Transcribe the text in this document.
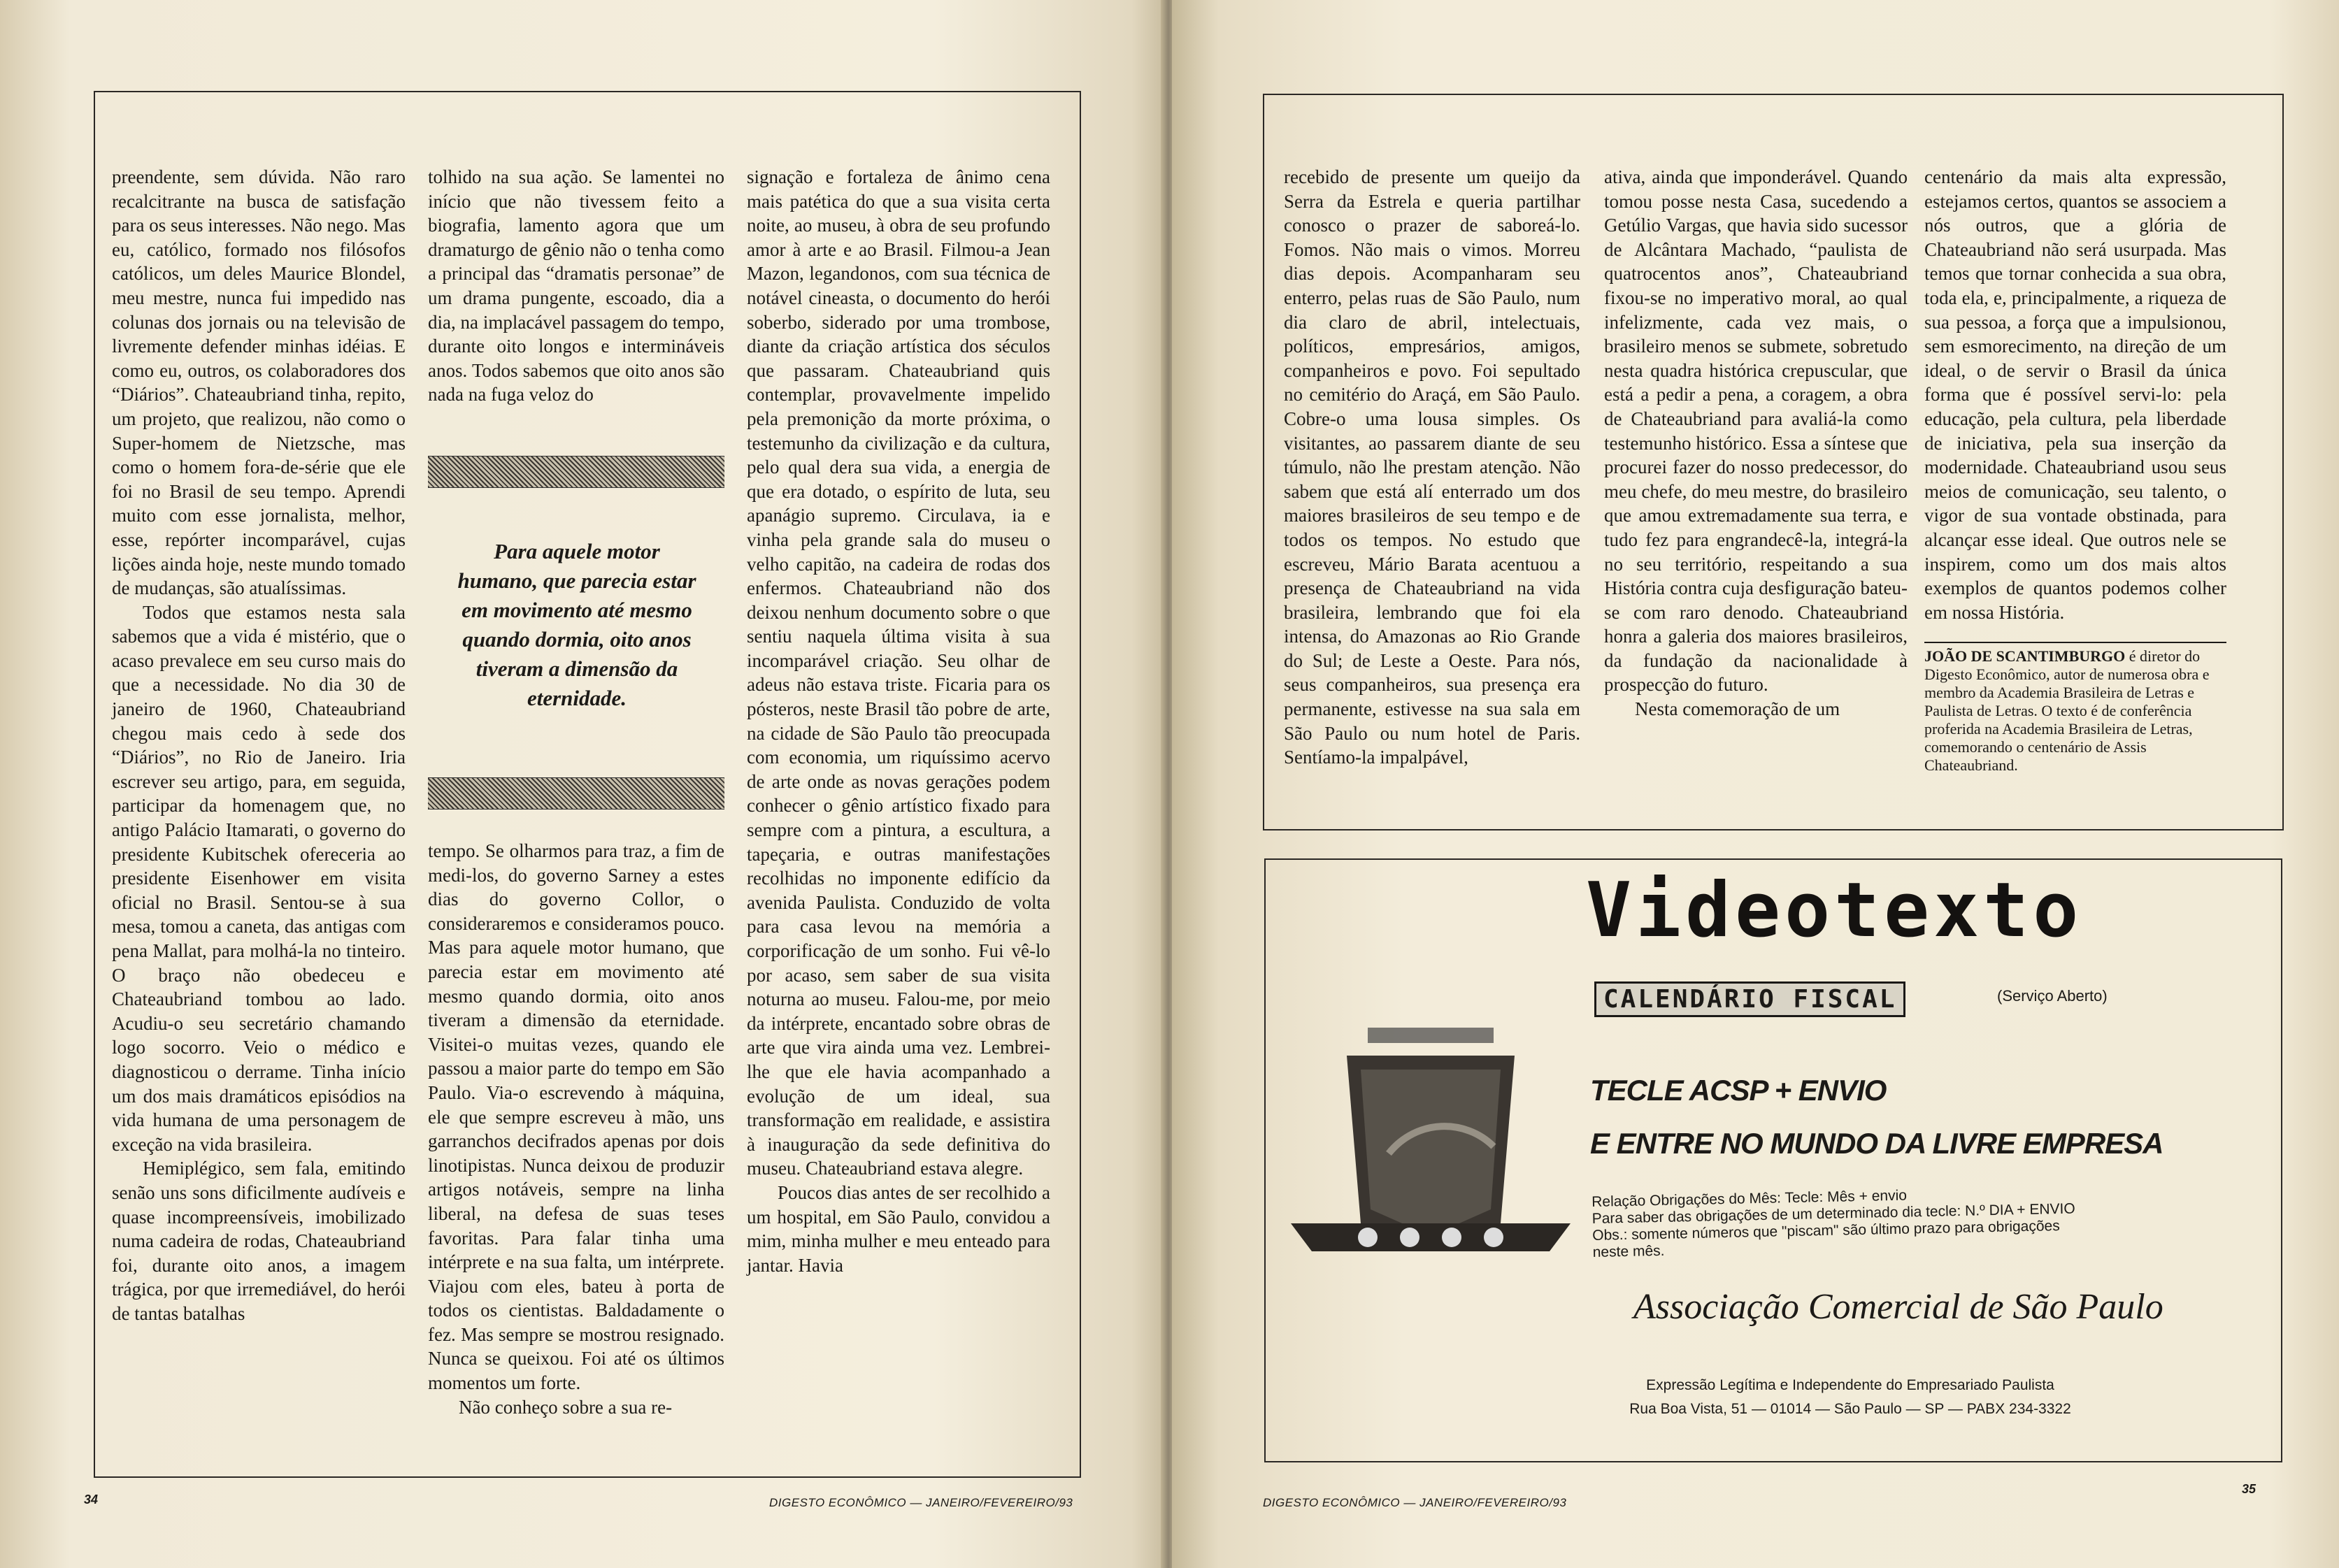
preendente, sem dúvida. Não raro recalcitrante na busca de satisfação para os seus interesses. Não nego. Mas eu, católico, formado nos filósofos católicos, um deles Maurice Blondel, meu mestre, nunca fui impedido nas colunas dos jornais ou na televisão de livremente defender minhas idéias. E como eu, outros, os colaboradores dos “Diários”. Chateaubriand tinha, repito, um projeto, que realizou, não como o Super-homem de Nietzsche, mas como o homem fora-de-série que ele foi no Brasil de seu tempo. Aprendi muito com esse jornalista, melhor, esse, repórter incomparável, cujas lições ainda hoje, neste mundo tomado de mudanças, são atualíssimas.

Todos que estamos nesta sala sabemos que a vida é mistério, que o acaso prevalece em seu curso mais do que a necessidade. No dia 30 de janeiro de 1960, Chateaubriand chegou mais cedo à sede dos “Diários”, no Rio de Janeiro. Iria escrever seu artigo, para, em seguida, participar da homenagem que, no antigo Palácio Itamarati, o governo do presidente Kubitschek ofereceria ao presidente Eisenhower em visita oficial no Brasil. Sentou-se à sua mesa, tomou a caneta, das antigas com pena Mallat, para molhá-la no tinteiro. O braço não obedeceu e Chateaubriand tombou ao lado. Acudiu-o seu secretário chamando logo socorro. Veio o médico e diagnosticou o derrame. Tinha início um dos mais dramáticos episódios na vida humana de uma personagem de exceção na vida brasileira.

Hemiplégico, sem fala, emitindo senão uns sons dificilmente audíveis e quase incompreensíveis, imobilizado numa cadeira de rodas, Chateaubriand foi, durante oito anos, a imagem trágica, por que irremediável, do herói de tantas batalhas

tolhido na sua ação. Se lamentei no início que não tivessem feito a biografia, lamento agora que um dramaturgo de gênio não o tenha como a principal das “dramatis personae” de um drama pungente, escoado, dia a dia, na implacável passagem do tempo, durante oito longos e intermináveis anos. Todos sabemos que oito anos são nada na fuga veloz do

Para aquele motor humano, que parecia estar em movimento até mesmo quando dormia, oito anos tiveram a dimensão da eternidade.

tempo. Se olharmos para traz, a fim de medi-los, do governo Sarney a estes dias do governo Collor, o consideraremos e consideramos pouco. Mas para aquele motor humano, que parecia estar em movimento até mesmo quando dormia, oito anos tiveram a dimensão da eternidade. Visitei-o muitas vezes, quando ele passou a maior parte do tempo em São Paulo. Via-o escrevendo à máquina, ele que sempre escreveu à mão, uns garranchos decifrados apenas por dois linotipistas. Nunca deixou de produzir artigos notáveis, sempre na linha liberal, na defesa de suas teses favoritas. Para falar tinha uma intérprete e na sua falta, um intérprete. Viajou com eles, bateu à porta de todos os cientistas. Baldadamente o fez. Mas sempre se mostrou resignado. Nunca se queixou. Foi até os últimos momentos um forte.

Não conheço sobre a sua re-

signação e fortaleza de ânimo cena mais patética do que a sua visita certa noite, ao museu, à obra de seu profundo amor à arte e ao Brasil. Filmou-a Jean Mazon, legandonos, com sua técnica de notável cineasta, o documento do herói soberbo, siderado por uma trombose, diante da criação artística dos séculos que passaram. Chateaubriand quis contemplar, provavelmente impelido pela premonição da morte próxima, o testemunho da civilização e da cultura, pelo qual dera sua vida, a energia de que era dotado, o espírito de luta, seu apanágio supremo. Circulava, ia e vinha pela grande sala do museu o velho capitão, na cadeira de rodas dos enfermos. Chateaubriand não dos deixou nenhum documento sobre o que sentiu naquela última visita à sua incomparável criação. Seu olhar de adeus não estava triste. Ficaria para os pósteros, neste Brasil tão pobre de arte, na cidade de São Paulo tão preocupada com economia, um riquíssimo acervo de arte onde as novas gerações podem conhecer o gênio artístico fixado para sempre com a pintura, a escultura, a tapeçaria, e outras manifestações recolhidas no imponente edifício da avenida Paulista. Conduzido de volta para casa levou na memória a corporificação de um sonho. Fui vê-lo por acaso, sem saber de sua visita noturna ao museu. Falou-me, por meio da intérprete, encantado sobre obras de arte que vira ainda uma vez. Lembrei-lhe que ele havia acompanhado a evolução de um ideal, sua transformação em realidade, e assistira à inauguração da sede definitiva do museu. Chateaubriand estava alegre.

Poucos dias antes de ser recolhido a um hospital, em São Paulo, convidou a mim, minha mulher e meu enteado para jantar. Havia

34	DIGESTO ECONÔMICO — JANEIRO/FEVEREIRO/93

recebido de presente um queijo da Serra da Estrela e queria partilhar conosco o prazer de saboreá-lo. Fomos. Não mais o vimos. Morreu dias depois. Acompanharam seu enterro, pelas ruas de São Paulo, num dia claro de abril, intelectuais, políticos, empresários, amigos, companheiros e povo. Foi sepultado no cemitério do Araçá, em São Paulo. Cobre-o uma lousa simples. Os visitantes, ao passarem diante de seu túmulo, não lhe prestam atenção. Não sabem que está alí enterrado um dos maiores brasileiros de seu tempo e de todos os tempos. No estudo que escreveu, Mário Barata acentuou a presença de Chateaubriand na vida brasileira, lembrando que foi ela intensa, do Amazonas ao Rio Grande do Sul; de Leste a Oeste. Para nós, seus companheiros, sua presença era permanente, estivesse na sua sala em São Paulo ou num hotel de Paris. Sentíamo-la impalpável,

ativa, ainda que imponderável. Quando tomou posse nesta Casa, sucedendo a Getúlio Vargas, que havia sido sucessor de Alcântara Machado, “paulista de quatrocentos anos”, Chateaubriand fixou-se no imperativo moral, ao qual infelizmente, cada vez mais, o brasileiro menos se submete, sobretudo nesta quadra histórica crepuscular, que está a pedir a pena, a coragem, a obra de Chateaubriand para avaliá-la como testemunho histórico. Essa a síntese que procurei fazer do nosso predecessor, do meu chefe, do meu mestre, do brasileiro que amou extremadamente sua terra, e tudo fez para engrandecê-la, integrá-la no seu território, respeitando a sua História contra cuja desfiguração bateu-se com raro denodo. Chateaubriand honra a galeria dos maiores brasileiros, da fundação da nacionalidade à prospecção do futuro.

Nesta comemoração de um

centenário da mais alta expressão, estejamos certos, quantos se associem a nós outros, que a glória de Chateaubriand não será usurpada. Mas temos que tornar conhecida a sua obra, toda ela, e, principalmente, a riqueza de sua pessoa, a força que a impulsionou, sem esmorecimento, na direção de um ideal, o de servir o Brasil da única forma que é possível servi-lo: pela educação, pela cultura, pela liberdade de iniciativa, pela sua inserção da modernidade. Chateaubriand usou seus meios de comunicação, seu talento, o vigor de sua vontade obstinada, para alcançar esse ideal. Que outros nele se inspirem, como um dos mais altos exemplos de quantos podemos colher em nossa História.

JOÃO DE SCANTIMBURGO é diretor do Digesto Econômico, autor de numerosa obra e membro da Academia Brasileira de Letras e Paulista de Letras. O texto é de conferência proferida na Academia Brasileira de Letras, comemorando o centenário de Assis Chateaubriand.
Videotexto
CALENDÁRIO FISCAL	(Serviço Aberto)
TECLE ACSP + ENVIO
E ENTRE NO MUNDO DA LIVRE EMPRESA
Relação Obrigações do Mês: Tecle: Mês + envio
Para saber das obrigações de um determinado dia tecle: N.º DIA + ENVIO
Obs.: somente números que "piscam" são último prazo para obrigações
neste mês.
Associação Comercial de São Paulo
Expressão Legítima e Independente do Empresariado Paulista
Rua Boa Vista, 51 — 01014 — São Paulo — SP — PABX 234-3322
DIGESTO ECONÔMICO — JANEIRO/FEVEREIRO/93
35
